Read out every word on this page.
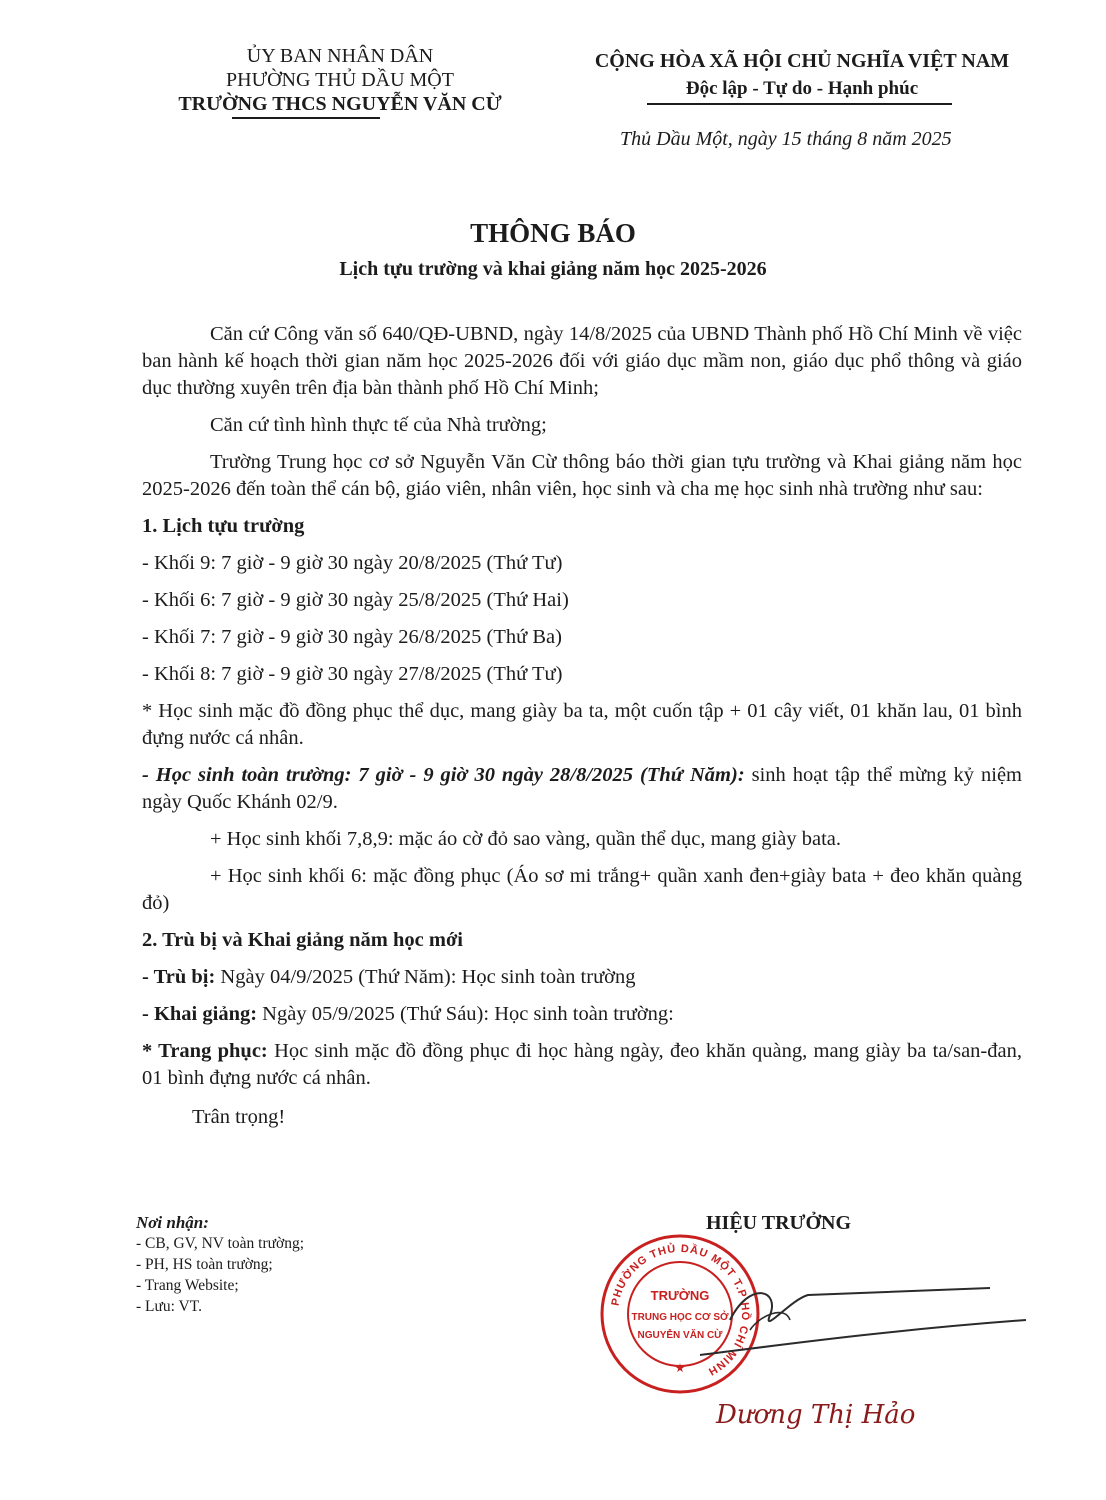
ỦY BAN NHÂN DÂN
PHƯỜNG THỦ DẦU MỘT
TRƯỜNG THCS NGUYỄN VĂN CỪ
CỘNG HÒA XÃ HỘI CHỦ NGHĨA VIỆT NAM
Độc lập - Tự do - Hạnh phúc
Thủ Dầu Một, ngày 15 tháng 8 năm 2025
THÔNG BÁO
Lịch tựu trường và khai giảng năm học 2025-2026

Căn cứ Công văn số 640/QĐ-UBND, ngày 14/8/2025 của UBND Thành phố Hồ Chí Minh về việc ban hành kế hoạch thời gian năm học 2025-2026 đối với giáo dục mầm non, giáo dục phổ thông và giáo dục thường xuyên trên địa bàn thành phố Hồ Chí Minh;

Căn cứ tình hình thực tế của Nhà trường;

Trường Trung học cơ sở Nguyễn Văn Cừ thông báo thời gian tựu trường và Khai giảng năm học 2025-2026 đến toàn thể cán bộ, giáo viên, nhân viên, học sinh và cha mẹ học sinh nhà trường như sau:

1. Lịch tựu trường

- Khối 9: 7 giờ - 9 giờ 30 ngày 20/8/2025 (Thứ Tư)

- Khối 6: 7 giờ - 9 giờ 30 ngày 25/8/2025 (Thứ Hai)

- Khối 7: 7 giờ - 9 giờ 30 ngày 26/8/2025 (Thứ Ba)

- Khối 8: 7 giờ - 9 giờ 30 ngày 27/8/2025 (Thứ Tư)

* Học sinh mặc đồ đồng phục thể dục, mang giày ba ta, một cuốn tập + 01 cây viết, 01 khăn lau, 01 bình đựng nước cá nhân.

- Học sinh toàn trường: 7 giờ - 9 giờ 30 ngày 28/8/2025 (Thứ Năm): sinh hoạt tập thể mừng kỷ niệm ngày Quốc Khánh 02/9.

+ Học sinh khối 7,8,9: mặc áo cờ đỏ sao vàng, quần thể dục, mang giày bata.

+ Học sinh khối 6: mặc đồng phục (Áo sơ mi trắng+ quần xanh đen+giày bata + đeo khăn quàng đỏ)

2. Trù bị và Khai giảng năm học mới

- Trù bị: Ngày 04/9/2025 (Thứ Năm): Học sinh toàn trường

- Khai giảng: Ngày 05/9/2025 (Thứ Sáu): Học sinh toàn trường:

* Trang phục: Học sinh mặc đồ đồng phục đi học hàng ngày, đeo khăn quàng, mang giày ba ta/san-đan, 01 bình đựng nước cá nhân.

Trân trọng!

Nơi nhận:
- CB, GV, NV toàn trường;
- PH, HS toàn trường;
- Trang Website;
- Lưu: VT.
HIỆU TRƯỞNG
PHƯỜNG THỦ DẦU MỘT T.P HỒ CHÍ MINH
TRƯỜNG
TRUNG HỌC CƠ SỞ
NGUYỄN VĂN CỪ
★
Dương Thị Hảo
